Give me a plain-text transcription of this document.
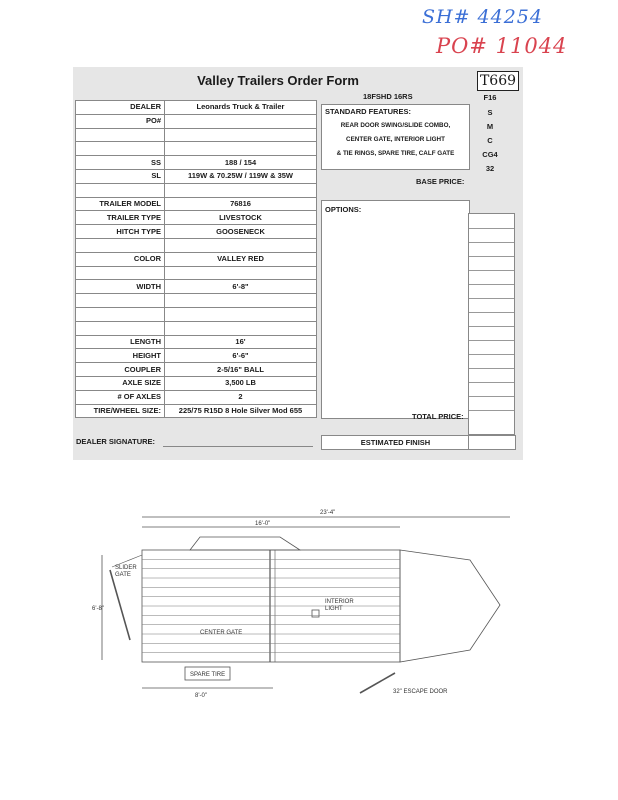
SH# 44254
PO# 11044
Valley Trailers Order Form	T669
DEALER	Leonards Truck & Trailer
PO#	

SS	188 / 154
SL	119W & 70.25W / 119W & 35W

TRAILER MODEL	76816
TRAILER TYPE	LIVESTOCK
HITCH TYPE	GOOSENECK

COLOR	VALLEY RED

WIDTH	6'-8"

LENGTH	16'
HEIGHT	6'-6"
COUPLER	2-5/16" BALL
AXLE SIZE	3,500 LB
# OF AXLES	2
TIRE/WHEEL SIZE:	225/75 R15D 8 Hole Silver Mod 655
18FSHD 16RS
STANDARD FEATURES:
REAR DOOR SWING/SLIDE COMBO,
CENTER GATE, INTERIOR LIGHT
& TIE RINGS, SPARE TIRE, CALF GATE
F16
S
M
C
CG4
32
BASE PRICE:
OPTIONS:
TOTAL PRICE:
ESTIMATED FINISH
DEALER SIGNATURE:
23'-4"
16'-0"
8'-0"
6'-8"
SLIDER
GATE
INTERIOR
LIGHT
CENTER GATE
SPARE TIRE
32" ESCAPE DOOR
